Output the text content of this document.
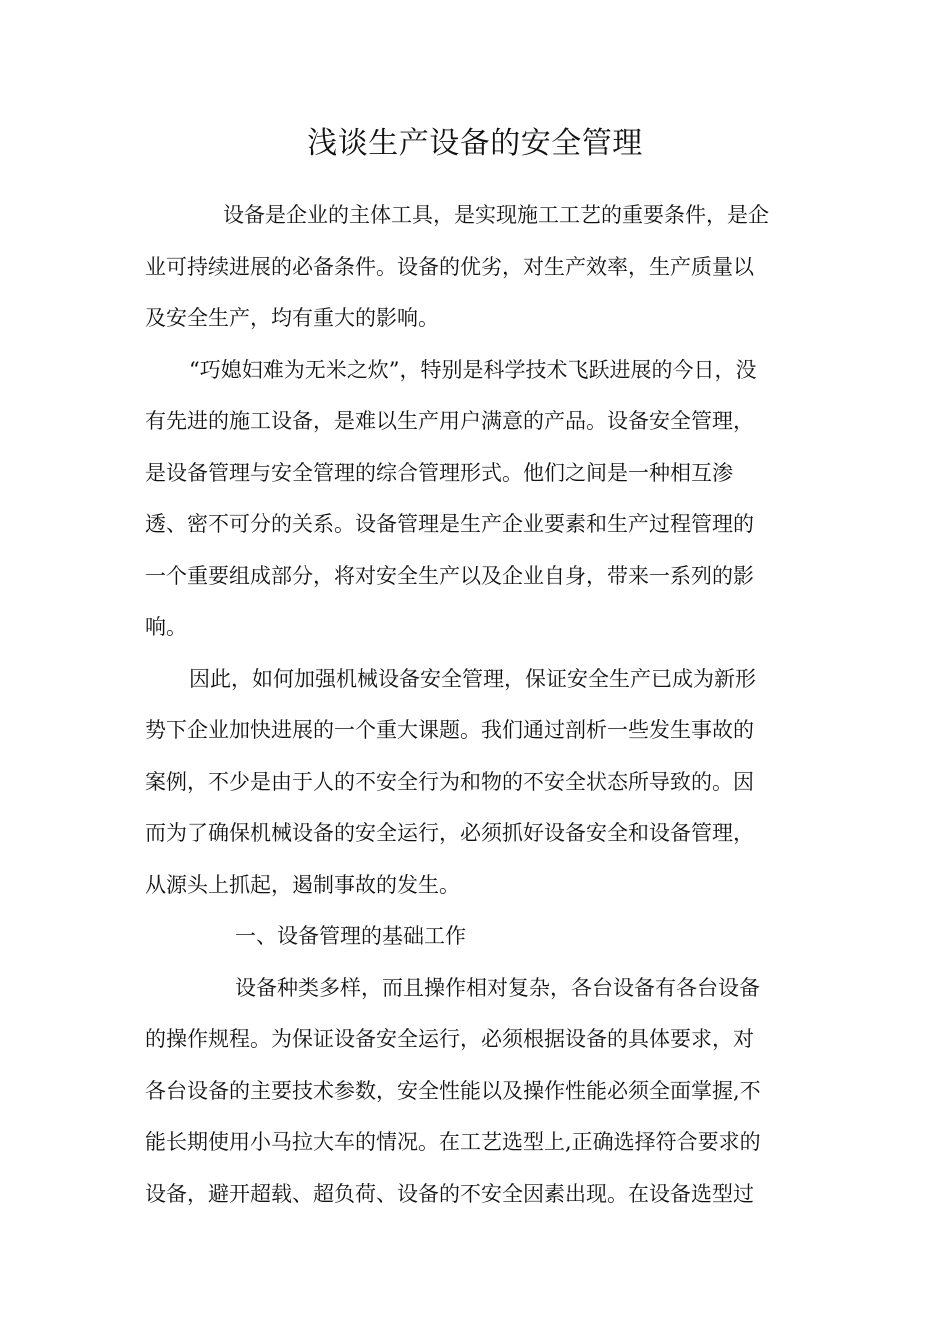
浅谈生产设备的安全管理
设备是企业的主体工具，是实现施工工艺的重要条件，是企
业可持续进展的必备条件。设备的优劣，对生产效率，生产质量以
及安全生产，均有重大的影响。
“巧媳妇难为无米之炊”，特别是科学技术飞跃进展的今日，没
有先进的施工设备，是难以生产用户满意的产品。设备安全管理，
是设备管理与安全管理的综合管理形式。他们之间是一种相互渗
透、密不可分的关系。设备管理是生产企业要素和生产过程管理的
一个重要组成部分，将对安全生产以及企业自身，带来一系列的影
响。
因此，如何加强机械设备安全管理，保证安全生产已成为新形
势下企业加快进展的一个重大课题。我们通过剖析一些发生事故的
案例，不少是由于人的不安全行为和物的不安全状态所导致的。因
而为了确保机械设备的安全运行，必须抓好设备安全和设备管理，
从源头上抓起，遏制事故的发生。
一、设备管理的基础工作
设备种类多样，而且操作相对复杂，各台设备有各台设备
的操作规程。为保证设备安全运行，必须根据设备的具体要求，对
各台设备的主要技术参数，安全性能以及操作性能必须全面掌握,不
能长期使用小马拉大车的情况。在工艺选型上,正确选择符合要求的
设备，避开超载、超负荷、设备的不安全因素出现。在设备选型过
